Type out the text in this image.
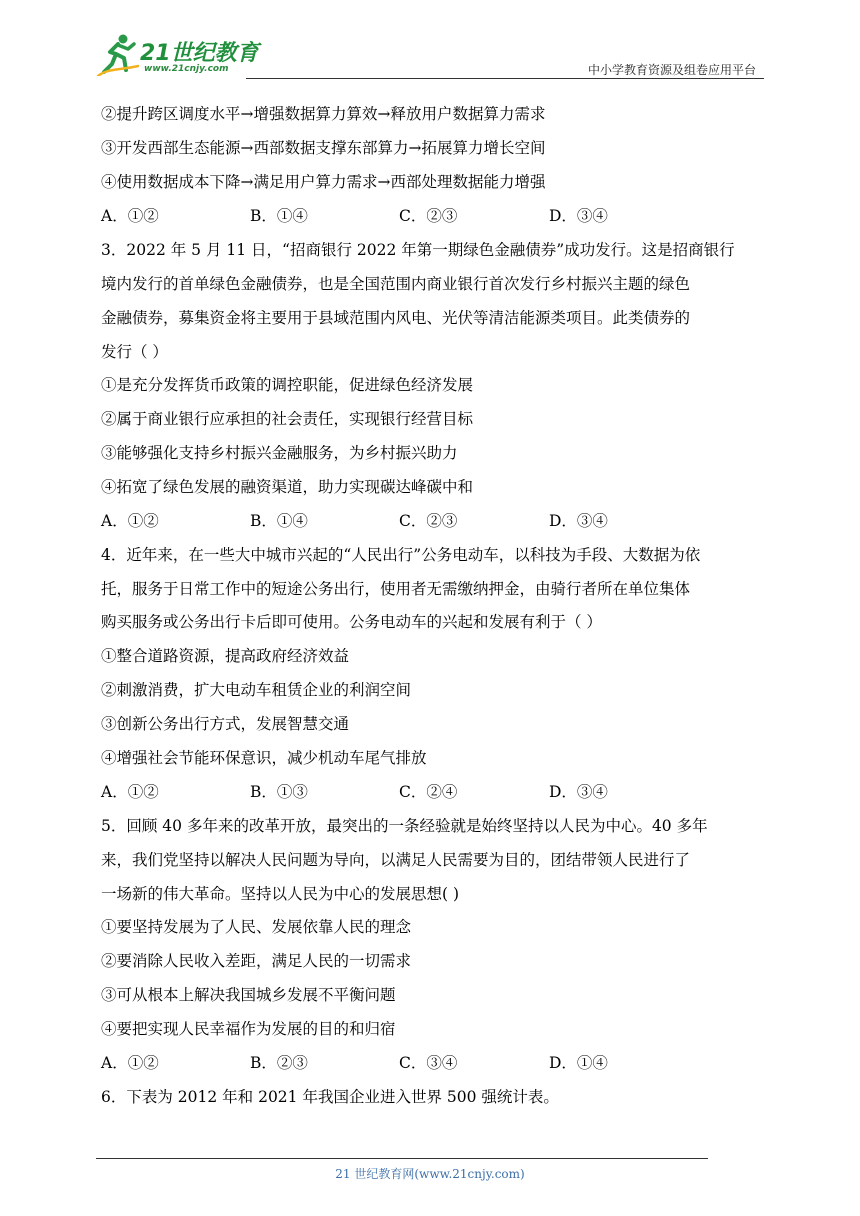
21世纪教育
www.21cnjy.com	中小学教育资源及组卷应用平台
②提升跨区调度水平→增强数据算力算效→释放用户数据算力需求
③开发西部生态能源→西部数据支撑东部算力→拓展算力增长空间
④使用数据成本下降→满足用户算力需求→西部处理数据能力增强
A．①②	B．①④	C．②③	D．③④
3．2022 年 5 月 11 日，“招商银行 2022 年第一期绿色金融债券”成功发行。这是招商银行
境内发行的首单绿色金融债券，也是全国范围内商业银行首次发行乡村振兴主题的绿色
金融债券，募集资金将主要用于县域范围内风电、光伏等清洁能源类项目。此类债券的
发行（ ）
①是充分发挥货币政策的调控职能，促进绿色经济发展
②属于商业银行应承担的社会责任，实现银行经营目标
③能够强化支持乡村振兴金融服务，为乡村振兴助力
④拓宽了绿色发展的融资渠道，助力实现碳达峰碳中和
A．①②	B．①④	C．②③	D．③④
4．近年来，在一些大中城市兴起的“人民出行”公务电动车，以科技为手段、大数据为依
托，服务于日常工作中的短途公务出行，使用者无需缴纳押金，由骑行者所在单位集体
购买服务或公务出行卡后即可使用。公务电动车的兴起和发展有利于（ ）
①整合道路资源，提高政府经济效益
②刺激消费，扩大电动车租赁企业的利润空间
③创新公务出行方式，发展智慧交通
④增强社会节能环保意识，减少机动车尾气排放
A．①②	B．①③	C．②④	D．③④
5．回顾 40 多年来的改革开放，最突出的一条经验就是始终坚持以人民为中心。40 多年
来，我们党坚持以解决人民问题为导向，以满足人民需要为目的，团结带领人民进行了
一场新的伟大革命。坚持以人民为中心的发展思想( )
①要坚持发展为了人民、发展依靠人民的理念
②要消除人民收入差距，满足人民的一切需求
③可从根本上解决我国城乡发展不平衡问题
④要把实现人民幸福作为发展的目的和归宿
A．①②	B．②③	C．③④	D．①④
6．下表为 2012 年和 2021 年我国企业进入世界 500 强统计表。
21 世纪教育网(www.21cnjy.com)
